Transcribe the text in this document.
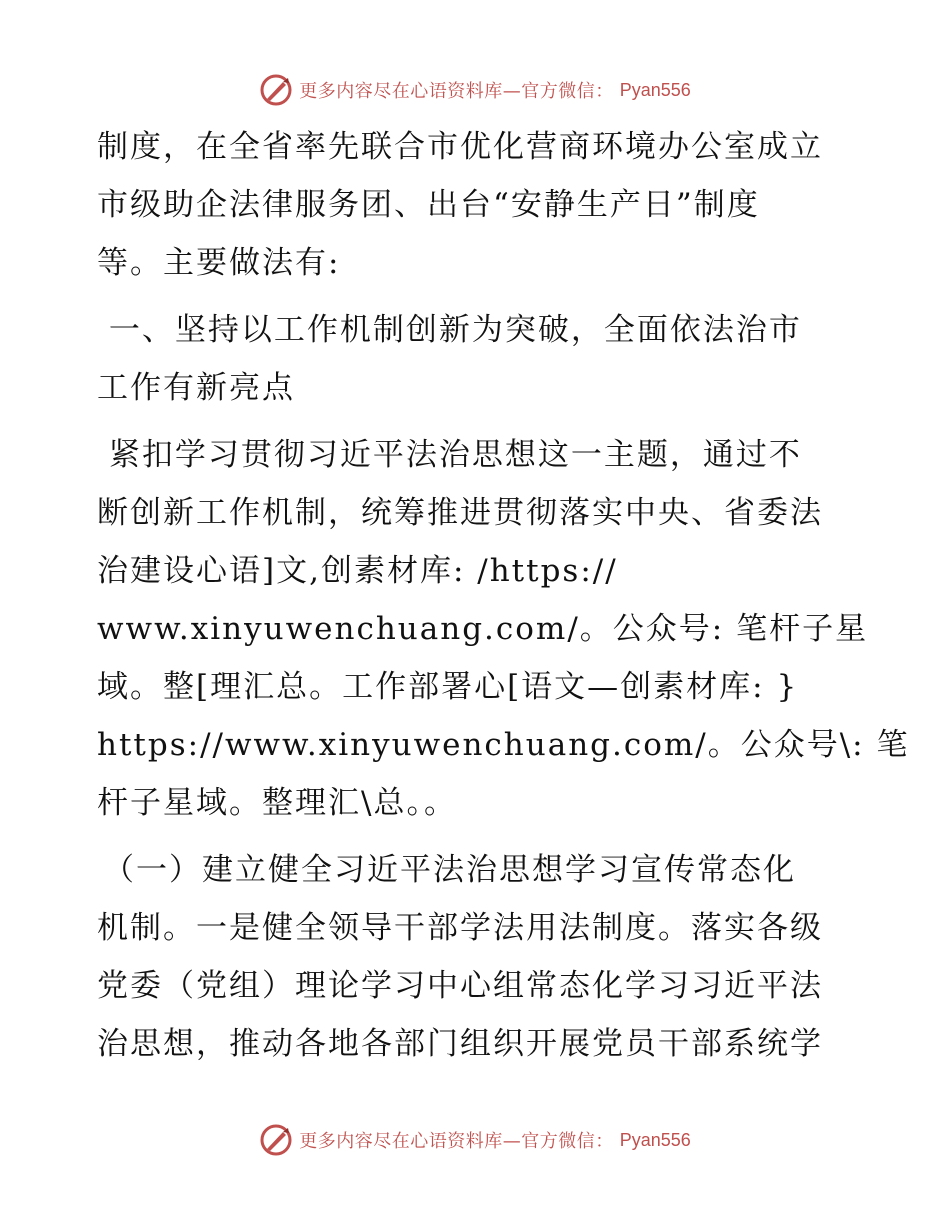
更多内容尽在心语资料库—官方微信： Pyan556
制度，在全省率先联合市优化营商环境办公室成立
市级助企法律服务团、出台“安静生产日”制度
等。主要做法有:
一、坚持以工作机制创新为突破，全面依法治市
工作有新亮点
紧扣学习贯彻习近平法治思想这一主题，通过不
断创新工作机制，统筹推进贯彻落实中央、省委法
治建设心语]文,创素材库: /https://
www.xinyuwenchuang.com/。公众号: 笔杆子星
域。整[理汇总。工作部署心[语文—创素材库: }
https://www.xinyuwenchuang.com/。公众号\: 笔
杆子星域。整理汇\总。。
（一）建立健全习近平法治思想学习宣传常态化
机制。一是健全领导干部学法用法制度。落实各级
党委（党组）理论学习中心组常态化学习习近平法
治思想，推动各地各部门组织开展党员干部系统学
更多内容尽在心语资料库—官方微信： Pyan556
